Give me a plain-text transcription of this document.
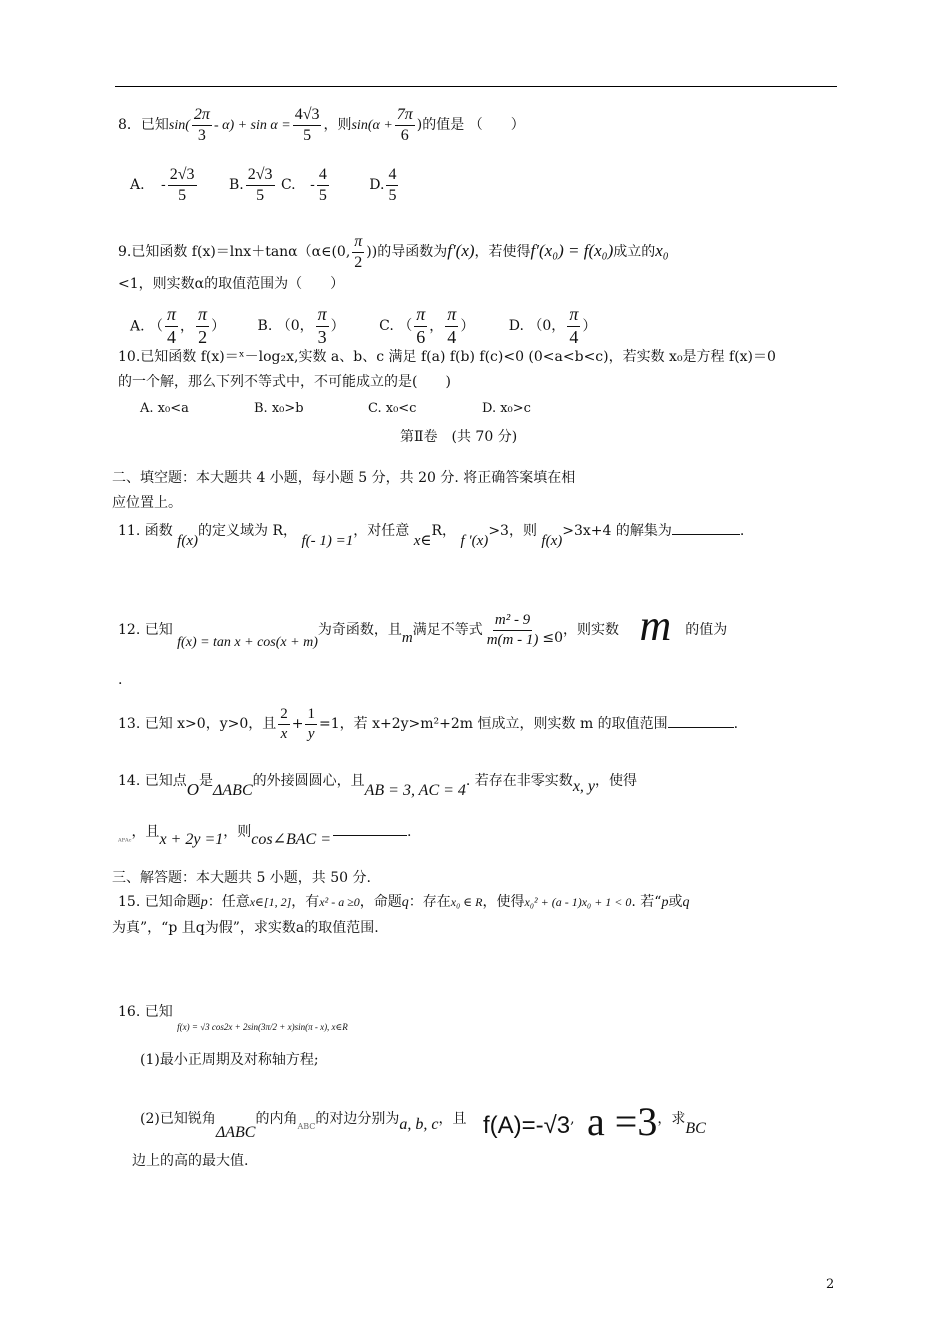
8．已知$\sin( \frac{2\pi}{3} - \alpha) + \sin \alpha = \frac{4√3}{5}$ ，则$\sin(\alpha + \frac{7\pi}{6}$ )的值是 （　　）
A. - $\frac{2√3}{5} B$. $\frac{2√3}{5} C$. - $\frac{4}{5}$	D. $\frac{4}{5}$
9.已知函数 f(x)＝lnx＋tanα（α∈(0, $\frac{\pi}{2}$ ))的导函数为f′(x)，若使得f′(x₀) = f(x₀)成立的x₀
<1，则实数α的取值范围为（　　）
A. （ $\frac{\pi}{4}$ ， $\frac{\pi}{2}$ ） B. （0， $\frac{\pi}{3}$ ） C. （ $\frac{\pi}{6}$ ， $\frac{\pi}{4}$ ） D. （0， $\frac{\pi}{4}$ ）
10.已知函数 f(x)＝ˣ－log₂x,实数 a、b、c 满足 f(a) f(b) f(c)<0 (0<a<b<c)，若实数 x₀是方程 f(x)＝0
的一个解，那么下列不等式中，不可能成立的是(　　)
A. x₀<a	B. x₀>b	C. x₀<c	D. x₀>c
第Ⅱ卷　(共 70 分)
二、填空题：本大题共 4 小题，每小题 5 分，共 20 分. 将正确答案填在相
应位置上。
11. 函数 f(x)的定义域为 R， f(- 1) =1，对任意 x∈R， f ′(x)>3，则 f(x)>3x+4 的解集为	.
12. 已知 f(x) = tan x + cos(x + m)为奇函数，且m满足不等式 $\frac{\text{m² - 9}}{m(m - 1)} \le 0$，则实数 m 的值为
.
13. 已知 x>0，y>0，且 $\frac{2}{x} + \frac{1}{y} =1$，若 x+2y>m²+2m 恒成立，则实数 m 的取值范围	.
14. 已知点O是ΔABC的外接圆圆心，且AB = 3, AC = 4. 若存在非零实数x, y，使得
$_{ᴬᴾᴬᶜ}$，且x + 2y =1，则cos∠BAC =	.
三、解答题：本大题共 5 小题，共 50 分.
15. 已知命题p：任意x∈[1, 2]，有x² - a ≥0，命题q：存在x₀ ∈ R，使得x₀² + (a - 1)x₀ + 1 < 0. 若“p或q
为真”，“p 且q为假”，求实数a的取值范围.
16. 已知 $_{f(x) = √3 cos2x + 2sin(3\pi/2 + x)sin(\pi - x), x\in R}$
(1)最小正周期及对称轴方程;
(2)已知锐角ΔABC的内角$_{ABC}$的对边分别为a, b, c，且 f(A)=-√3, a =3，求BC
边上的高的最大值.
2
